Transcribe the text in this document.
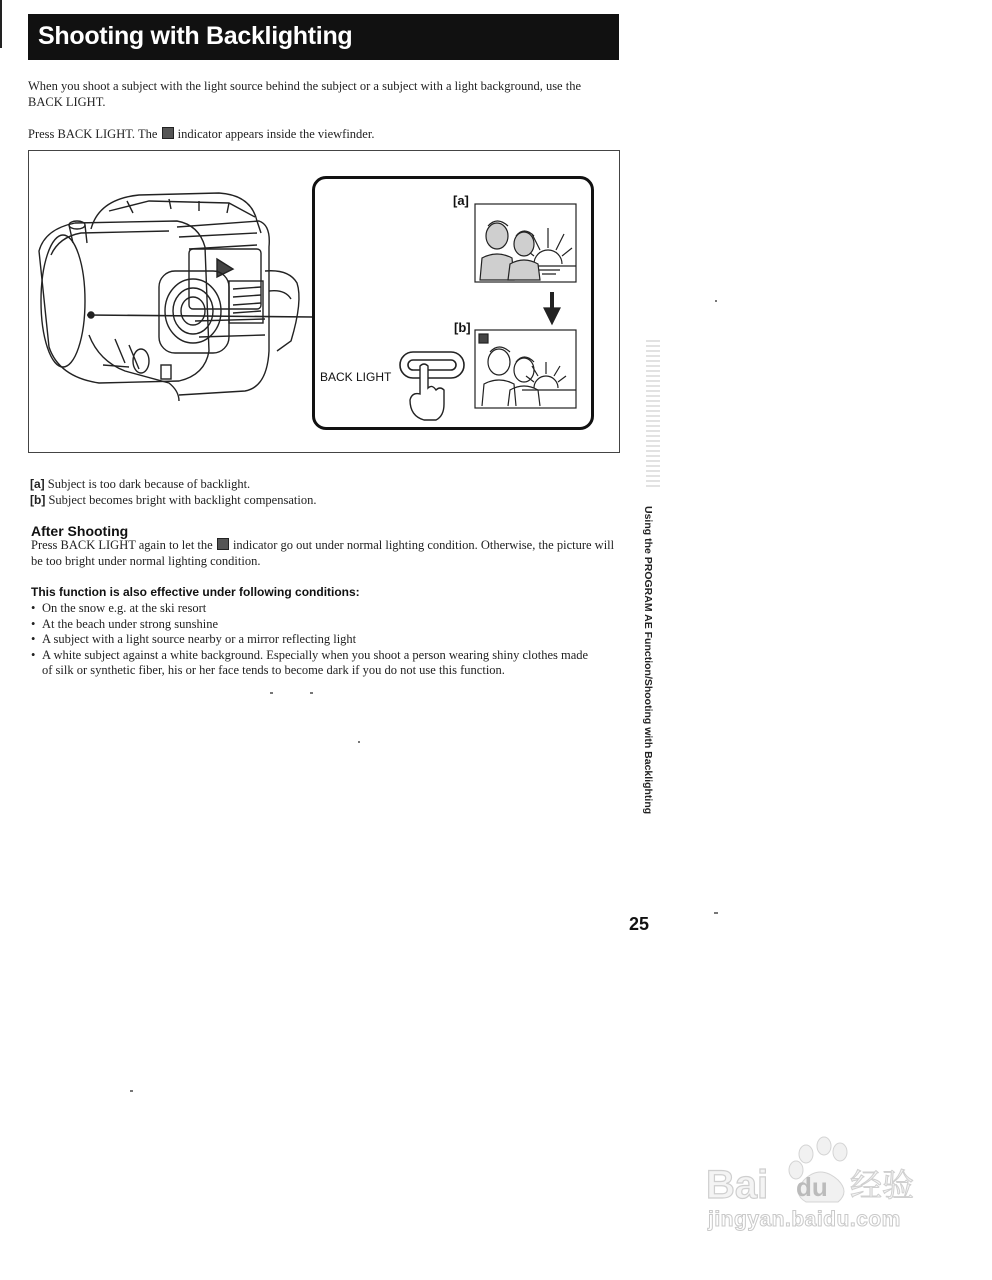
Shooting with Backlighting
When you shoot a subject with the light source behind the subject or a subject with a light background, use the BACK LIGHT.
Press BACK LIGHT. The  indicator appears inside the viewfinder.
[a]
[b]
BACK LIGHT
[a] Subject is too dark because of backlight.
[b] Subject becomes bright with backlight compensation.
After Shooting
Press BACK LIGHT again to let the  indicator go out under normal lighting condition. Otherwise, the picture will be too bright under normal lighting condition.
This function is also effective under following conditions:
• On the snow e.g. at the ski resort
• At the beach under strong sunshine
• A subject with a light source nearby or a mirror reflecting light
• A white subject against a white background. Especially when you shoot a person wearing shiny clothes made of silk or synthetic fiber, his or her face tends to become dark if you do not use this function.	Using the PROGRAM AE Function/Shooting with Backlighting
25
Bai du 经验
jingyan.baidu.com
